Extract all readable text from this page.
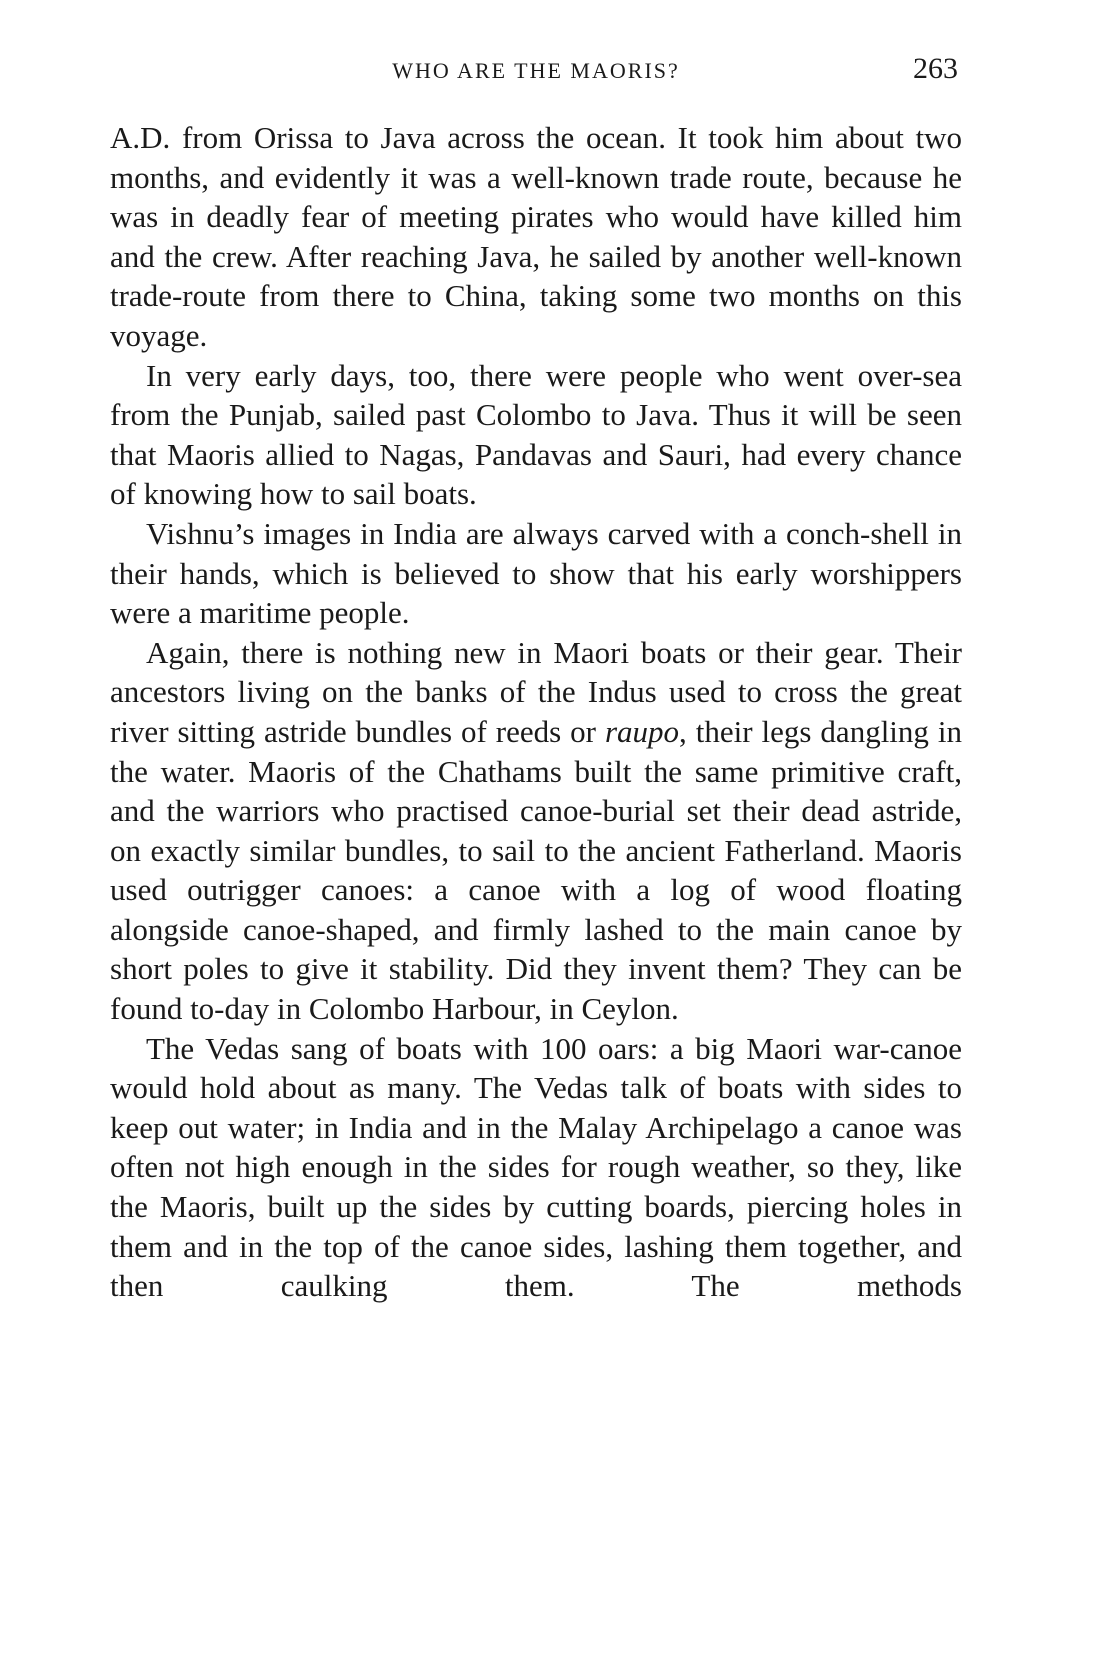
WHO ARE THE MAORIS?	263

A.D. from Orissa to Java across the ocean. It took him about two months, and evidently it was a well-known trade route, because he was in deadly fear of meeting pirates who would have killed him and the crew. After reaching Java, he sailed by another well-known trade-route from there to China, taking some two months on this voyage.

In very early days, too, there were people who went over-sea from the Punjab, sailed past Colombo to Java. Thus it will be seen that Maoris allied to Nagas, Pandavas and Sauri, had every chance of knowing how to sail boats.

Vishnu’s images in India are always carved with a conch-shell in their hands, which is believed to show that his early worshippers were a maritime people.

Again, there is nothing new in Maori boats or their gear. Their ancestors living on the banks of the Indus used to cross the great river sitting astride bundles of reeds or raupo, their legs dangling in the water. Maoris of the Chathams built the same primitive craft, and the warriors who practised canoe-burial set their dead astride, on exactly similar bundles, to sail to the ancient Fatherland. Maoris used outrigger canoes: a canoe with a log of wood floating alongside canoe-shaped, and firmly lashed to the main canoe by short poles to give it stability. Did they invent them? They can be found to-day in Colombo Harbour, in Ceylon.

The Vedas sang of boats with 100 oars: a big Maori war-canoe would hold about as many. The Vedas talk of boats with sides to keep out water; in India and in the Malay Archipelago a canoe was often not high enough in the sides for rough weather, so they, like the Maoris, built up the sides by cutting boards, piercing holes in them and in the top of the canoe sides, lashing them together, and then caulking them. The methods
